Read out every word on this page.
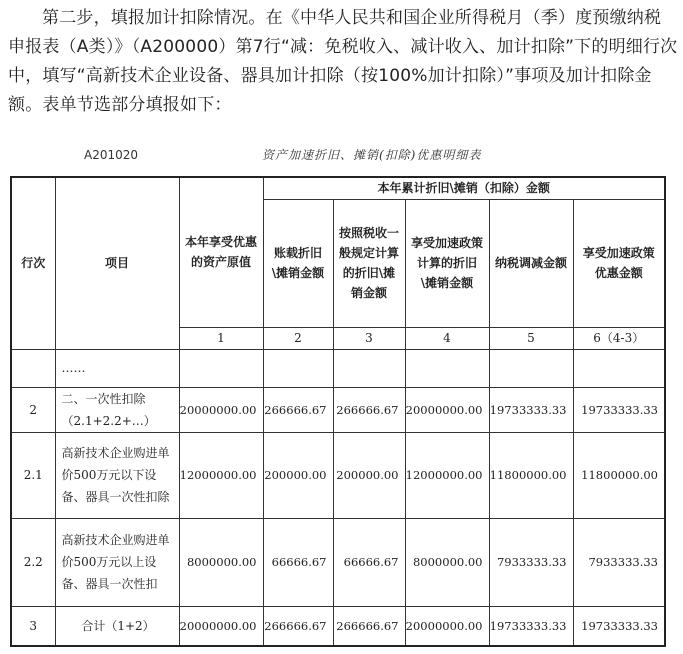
第二步，填报加计扣除情况。在《中华人民共和国企业所得税月（季）度预缴纳税申报表（A类）》（A200000）第7行“减：免税收入、减计收入、加计扣除”下的明细行次中，填写“高新技术企业设备、器具加计扣除（按100%加计扣除）”事项及加计扣除金额。表单节选部分填报如下：
A201020	资产加速折旧、摊销(扣除)优惠明细表
行次	项目	本年享受优惠的资产原值	本年累计折旧\摊销（扣除）金额				
			账载折旧\摊销金额	按照税收一般规定计算的折旧\摊销金额	享受加速政策计算的折旧\摊销金额	纳税调减金额	享受加速政策优惠金额
		1	2	3	4	5	6（4-3）
	……						
2	二、一次性扣除（2.1+2.2+…）	20000000.00	266666.67	266666.67	20000000.00	19733333.33	19733333.33
2.1	高新技术企业购进单价500万元以下设备、器具一次性扣除	12000000.00	200000.00	200000.00	12000000.00	11800000.00	11800000.00
2.2	高新技术企业购进单价500万元以上设备、器具一次性扣	8000000.00	66666.67	66666.67	8000000.00	7933333.33	7933333.33
3	合计（1+2）	20000000.00	266666.67	266666.67	20000000.00	19733333.33	19733333.33
